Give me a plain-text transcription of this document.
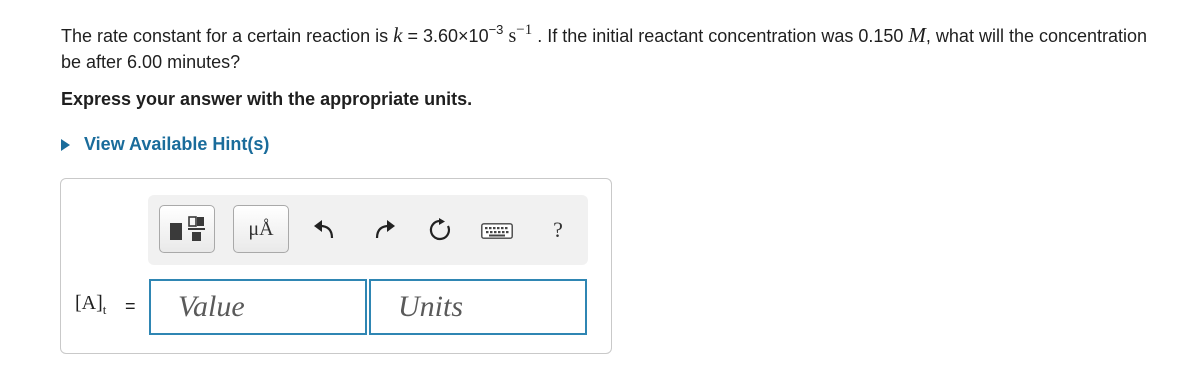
The rate constant for a certain reaction is $k = 3.60\times 10^{-3}$ $s^{-1}$ . If the initial reactant concentration was 0.150 M, what will the concentration be after 6.00 minutes?
Express your answer with the appropriate units.
View Available Hint(s)
μÅ	?
$[A]_t$ =
Value
Units
